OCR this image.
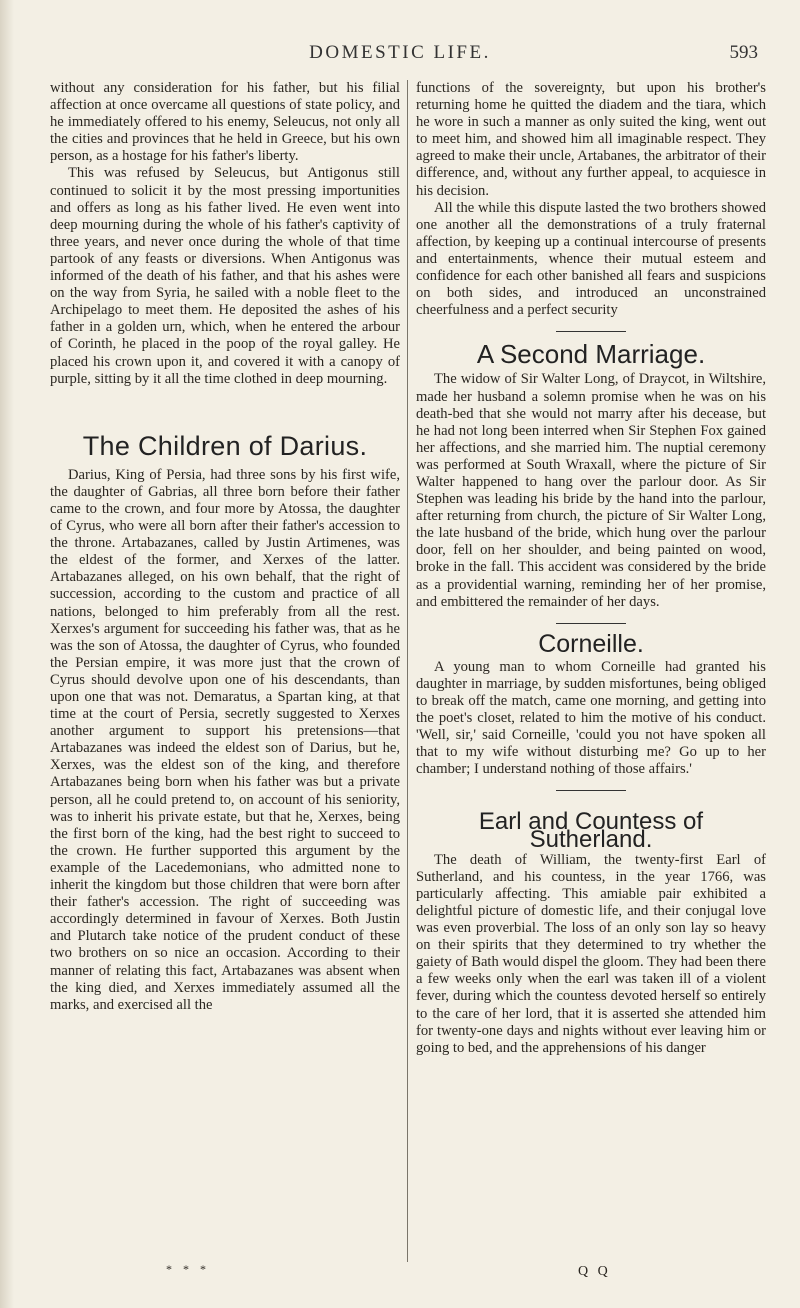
DOMESTIC LIFE.	593

without any consideration for his father, but his filial affection at once overcame all questions of state policy, and he immediately offered to his enemy, Seleucus, not only all the cities and provinces that he held in Greece, but his own person, as a hostage for his father's liberty.

This was refused by Seleucus, but Antigonus still continued to solicit it by the most pressing importunities and offers as long as his father lived. He even went into deep mourning during the whole of his father's captivity of three years, and never once during the whole of that time partook of any feasts or diversions. When Antigonus was informed of the death of his father, and that his ashes were on the way from Syria, he sailed with a noble fleet to the Archipelago to meet them. He deposited the ashes of his father in a golden urn, which, when he entered the arbour of Corinth, he placed in the poop of the royal galley. He placed his crown upon it, and covered it with a canopy of purple, sitting by it all the time clothed in deep mourning.

The Children of Darius.

Darius, King of Persia, had three sons by his first wife, the daughter of Gabrias, all three born before their father came to the crown, and four more by Atossa, the daughter of Cyrus, who were all born after their father's accession to the throne. Artabazanes, called by Justin Artimenes, was the eldest of the former, and Xerxes of the latter. Artabazanes alleged, on his own behalf, that the right of succession, according to the custom and practice of all nations, belonged to him preferably from all the rest. Xerxes's argument for succeeding his father was, that as he was the son of Atossa, the daughter of Cyrus, who founded the Persian empire, it was more just that the crown of Cyrus should devolve upon one of his descendants, than upon one that was not. Demaratus, a Spartan king, at that time at the court of Persia, secretly suggested to Xerxes another argument to support his pretensions—that Artabazanes was indeed the eldest son of Darius, but he, Xerxes, was the eldest son of the king, and therefore Artabazanes being born when his father was but a private person, all he could pretend to, on account of his seniority, was to inherit his private estate, but that he, Xerxes, being the first born of the king, had the best right to succeed to the crown. He further supported this argument by the example of the Lacedemonians, who admitted none to inherit the kingdom but those children that were born after their father's accession. The right of succeeding was accordingly determined in favour of Xerxes. Both Justin and Plutarch take notice of the prudent conduct of these two brothers on so nice an occasion. According to their manner of relating this fact, Artabazanes was absent when the king died, and Xerxes immediately assumed all the marks, and exercised all the

functions of the sovereignty, but upon his brother's returning home he quitted the diadem and the tiara, which he wore in such a manner as only suited the king, went out to meet him, and showed him all imaginable respect. They agreed to make their uncle, Artabanes, the arbitrator of their difference, and, without any further appeal, to acquiesce in his decision.

All the while this dispute lasted the two brothers showed one another all the demonstrations of a truly fraternal affection, by keeping up a continual intercourse of presents and entertainments, whence their mutual esteem and confidence for each other banished all fears and suspicions on both sides, and introduced an unconstrained cheerfulness and a perfect security

A Second Marriage.

The widow of Sir Walter Long, of Draycot, in Wiltshire, made her husband a solemn promise when he was on his death-bed that she would not marry after his decease, but he had not long been interred when Sir Stephen Fox gained her affections, and she married him. The nuptial ceremony was performed at South Wraxall, where the picture of Sir Walter happened to hang over the parlour door. As Sir Stephen was leading his bride by the hand into the parlour, after returning from church, the picture of Sir Walter Long, the late husband of the bride, which hung over the parlour door, fell on her shoulder, and being painted on wood, broke in the fall. This accident was considered by the bride as a providential warning, reminding her of her promise, and embittered the remainder of her days.

Corneille.

A young man to whom Corneille had granted his daughter in marriage, by sudden misfortunes, being obliged to break off the match, came one morning, and getting into the poet's closet, related to him the motive of his conduct. 'Well, sir,' said Corneille, 'could you not have spoken all that to my wife without disturbing me? Go up to her chamber; I understand nothing of those affairs.'

Earl and Countess of Sutherland.

The death of William, the twenty-first Earl of Sutherland, and his countess, in the year 1766, was particularly affecting. This amiable pair exhibited a delightful picture of domestic life, and their conjugal love was even proverbial. The loss of an only son lay so heavy on their spirits that they determined to try whether the gaiety of Bath would dispel the gloom. They had been there a few weeks only when the earl was taken ill of a violent fever, during which the countess devoted herself so entirely to the care of her lord, that it is asserted she attended him for twenty-one days and nights without ever leaving him or going to bed, and the apprehensions of his danger

* * *	Q Q
